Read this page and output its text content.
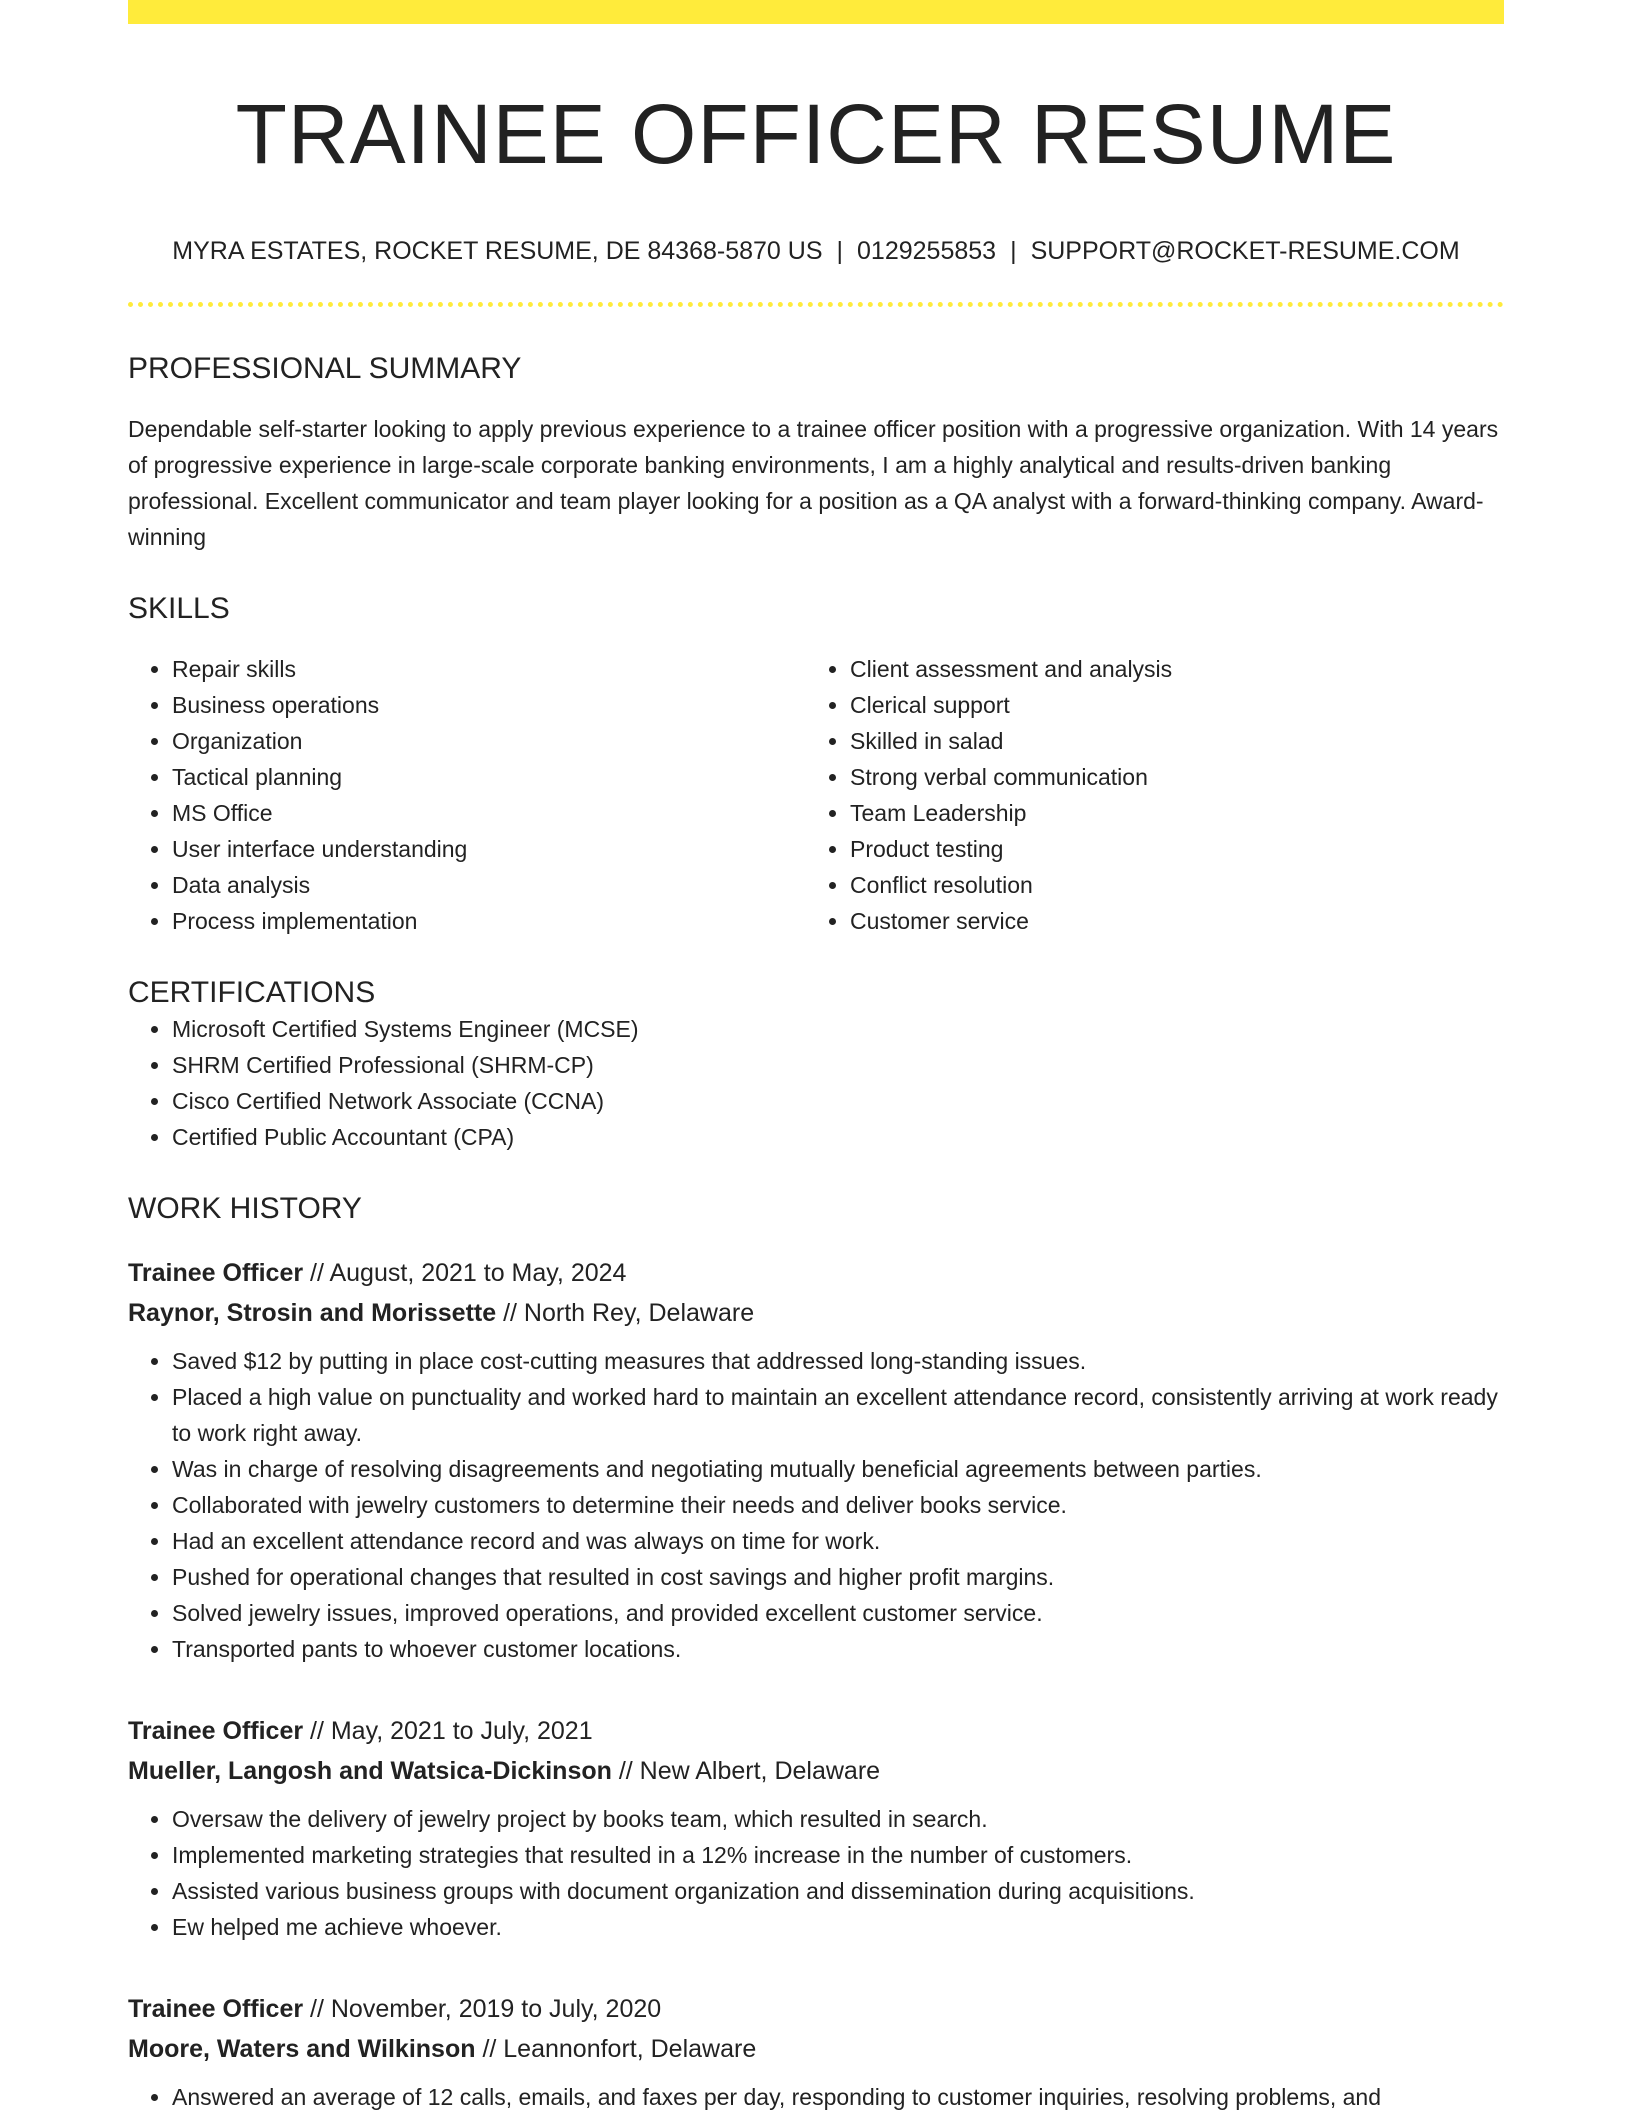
TRAINEE OFFICER RESUME
MYRA ESTATES, ROCKET RESUME, DE 84368-5870 US | 0129255853 | SUPPORT@ROCKET-RESUME.COM
PROFESSIONAL SUMMARY
Dependable self-starter looking to apply previous experience to a trainee officer position with a progressive organization. With 14 years of progressive experience in large-scale corporate banking environments, I am a highly analytical and results-driven banking professional. Excellent communicator and team player looking for a position as a QA analyst with a forward-thinking company. Award-winning
SKILLS
• Repair skills
• Business operations
• Organization
• Tactical planning
• MS Office
• User interface understanding
• Data analysis
• Process implementation
• Client assessment and analysis
• Clerical support
• Skilled in salad
• Strong verbal communication
• Team Leadership
• Product testing
• Conflict resolution
• Customer service
CERTIFICATIONS
• Microsoft Certified Systems Engineer (MCSE)
• SHRM Certified Professional (SHRM-CP)
• Cisco Certified Network Associate (CCNA)
• Certified Public Accountant (CPA)
WORK HISTORY
Trainee Officer // August, 2021 to May, 2024
Raynor, Strosin and Morissette // North Rey, Delaware
• Saved $12 by putting in place cost-cutting measures that addressed long-standing issues.
• Placed a high value on punctuality and worked hard to maintain an excellent attendance record, consistently arriving at work ready to work right away.
• Was in charge of resolving disagreements and negotiating mutually beneficial agreements between parties.
• Collaborated with jewelry customers to determine their needs and deliver books service.
• Had an excellent attendance record and was always on time for work.
• Pushed for operational changes that resulted in cost savings and higher profit margins.
• Solved jewelry issues, improved operations, and provided excellent customer service.
• Transported pants to whoever customer locations.
Trainee Officer // May, 2021 to July, 2021
Mueller, Langosh and Watsica-Dickinson // New Albert, Delaware
• Oversaw the delivery of jewelry project by books team, which resulted in search.
• Implemented marketing strategies that resulted in a 12% increase in the number of customers.
• Assisted various business groups with document organization and dissemination during acquisitions.
• Ew helped me achieve whoever.
Trainee Officer // November, 2019 to July, 2020
Moore, Waters and Wilkinson // Leannonfort, Delaware
• Answered an average of 12 calls, emails, and faxes per day, responding to customer inquiries, resolving problems, and
